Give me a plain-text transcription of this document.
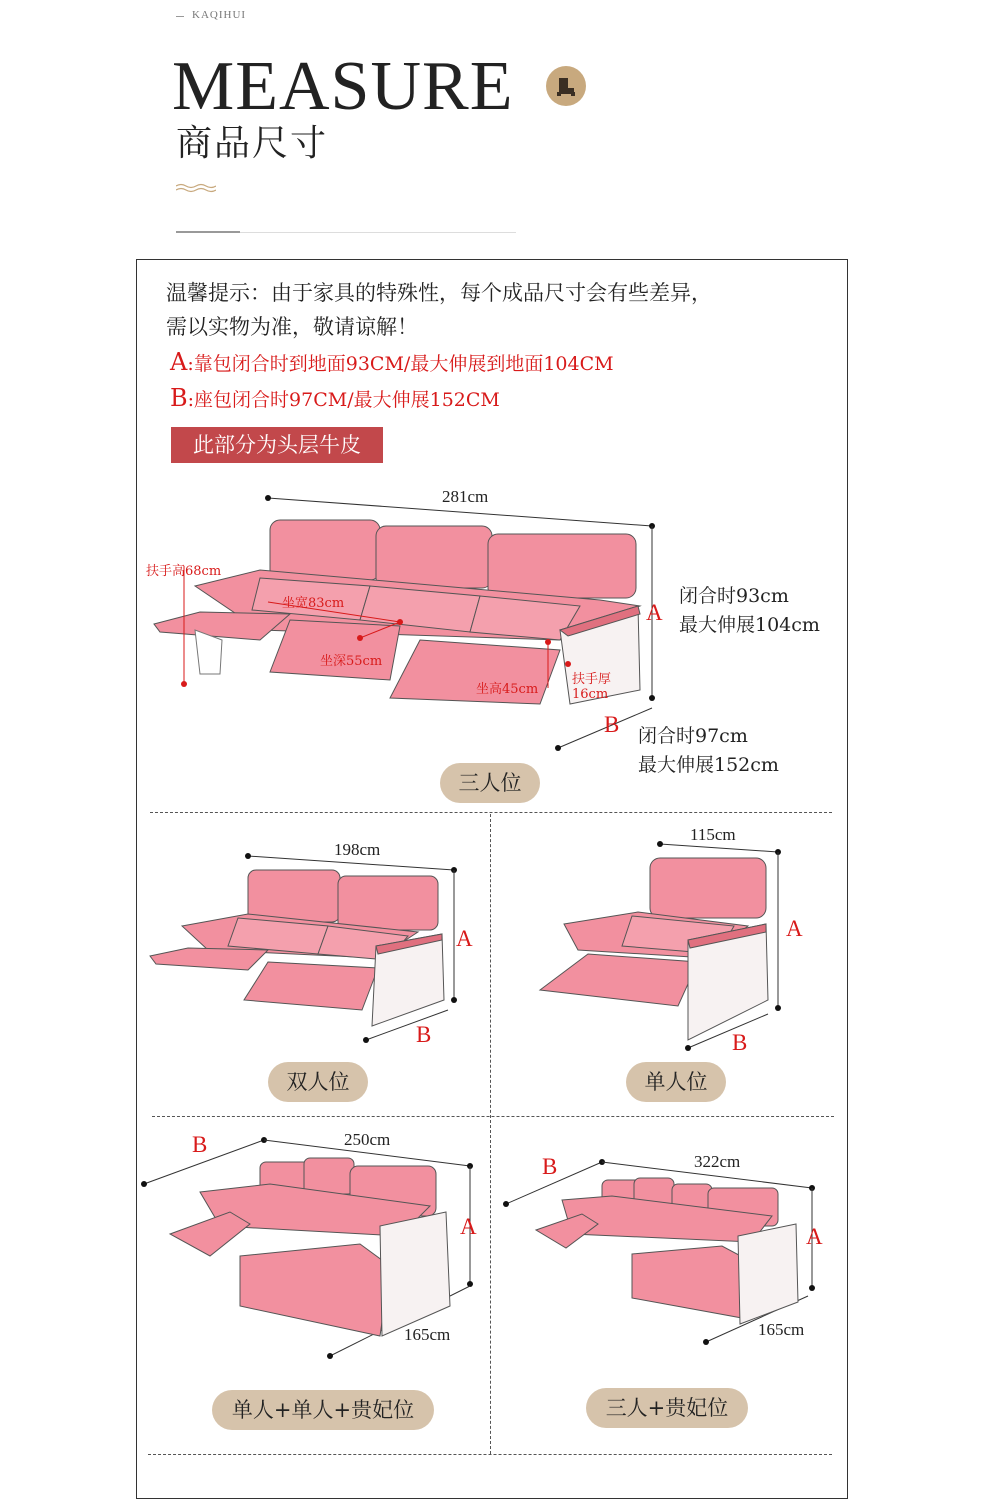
KAQIHUI
MEASURE
商品尺寸
温馨提示：由于家具的特殊性，每个成品尺寸会有些差异，
需以实物为准，敬请谅解！
A:靠包闭合时到地面93CM/最大伸展到地面104CM
B:座包闭合时97CM/最大伸展152CM
此部分为头层牛皮
281cm
扶手高68cm
坐宽83cm
坐深55cm
坐高45cm
扶手厚
16cm
A
B
闭合时93cm
最大伸展104cm
闭合时97cm
最大伸展152cm
三人位
198cm
A
B
双人位
115cm
A
B
单人位
250cm
165cm
B
A
单人+单人+贵妃位
322cm
165cm
B
A
三人+贵妃位
